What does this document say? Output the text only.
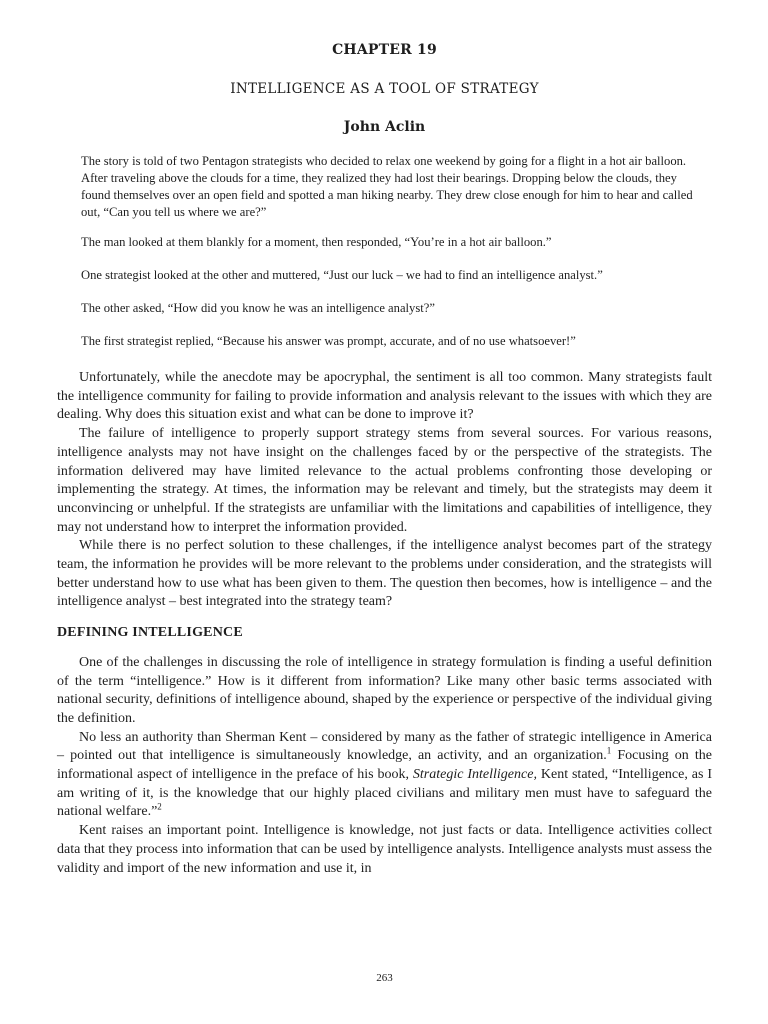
CHAPTER 19
INTELLIGENCE AS A TOOL OF STRATEGY
John Aclin

The story is told of two Pentagon strategists who decided to relax one weekend by going for a flight in a hot air balloon. After traveling above the clouds for a time, they realized they had lost their bearings. Dropping below the clouds, they found themselves over an open field and spotted a man hiking nearby. They drew close enough for him to hear and called out, “Can you tell us where we are?”

The man looked at them blankly for a moment, then responded, “You’re in a hot air balloon.”

One strategist looked at the other and muttered, “Just our luck – we had to find an intelligence analyst.”

The other asked, “How did you know he was an intelligence analyst?”

The first strategist replied, “Because his answer was prompt, accurate, and of no use whatsoever!”

Unfortunately, while the anecdote may be apocryphal, the sentiment is all too common. Many strategists fault the intelligence community for failing to provide information and analysis relevant to the issues with which they are dealing. Why does this situation exist and what can be done to improve it?

The failure of intelligence to properly support strategy stems from several sources. For various reasons, intelligence analysts may not have insight on the challenges faced by or the perspective of the strategists. The information delivered may have limited relevance to the actual problems confronting those developing or implementing the strategy. At times, the information may be relevant and timely, but the strategists may deem it unconvincing or unhelpful. If the strategists are unfamiliar with the limitations and capabilities of intelligence, they may not understand how to interpret the information provided.

While there is no perfect solution to these challenges, if the intelligence analyst becomes part of the strategy team, the information he provides will be more relevant to the problems under consideration, and the strategists will better understand how to use what has been given to them. The question then becomes, how is intelligence – and the intelligence analyst – best integrated into the strategy team?

DEFINING INTELLIGENCE

One of the challenges in discussing the role of intelligence in strategy formulation is finding a useful definition of the term “intelligence.” How is it different from information? Like many other basic terms associated with national security, definitions of intelligence abound, shaped by the experience or perspective of the individual giving the definition.

No less an authority than Sherman Kent – considered by many as the father of strategic intelligence in America – pointed out that intelligence is simultaneously knowledge, an activity, and an organization.$^1$ Focusing on the informational aspect of intelligence in the preface of his book, Strategic Intelligence, Kent stated, “Intelligence, as I am writing of it, is the knowledge that our highly placed civilians and military men must have to safeguard the national welfare.”$^2$

Kent raises an important point. Intelligence is knowledge, not just facts or data. Intelligence activities collect data that they process into information that can be used by intelligence analysts. Intelligence analysts must assess the validity and import of the new information and use it, in

263
